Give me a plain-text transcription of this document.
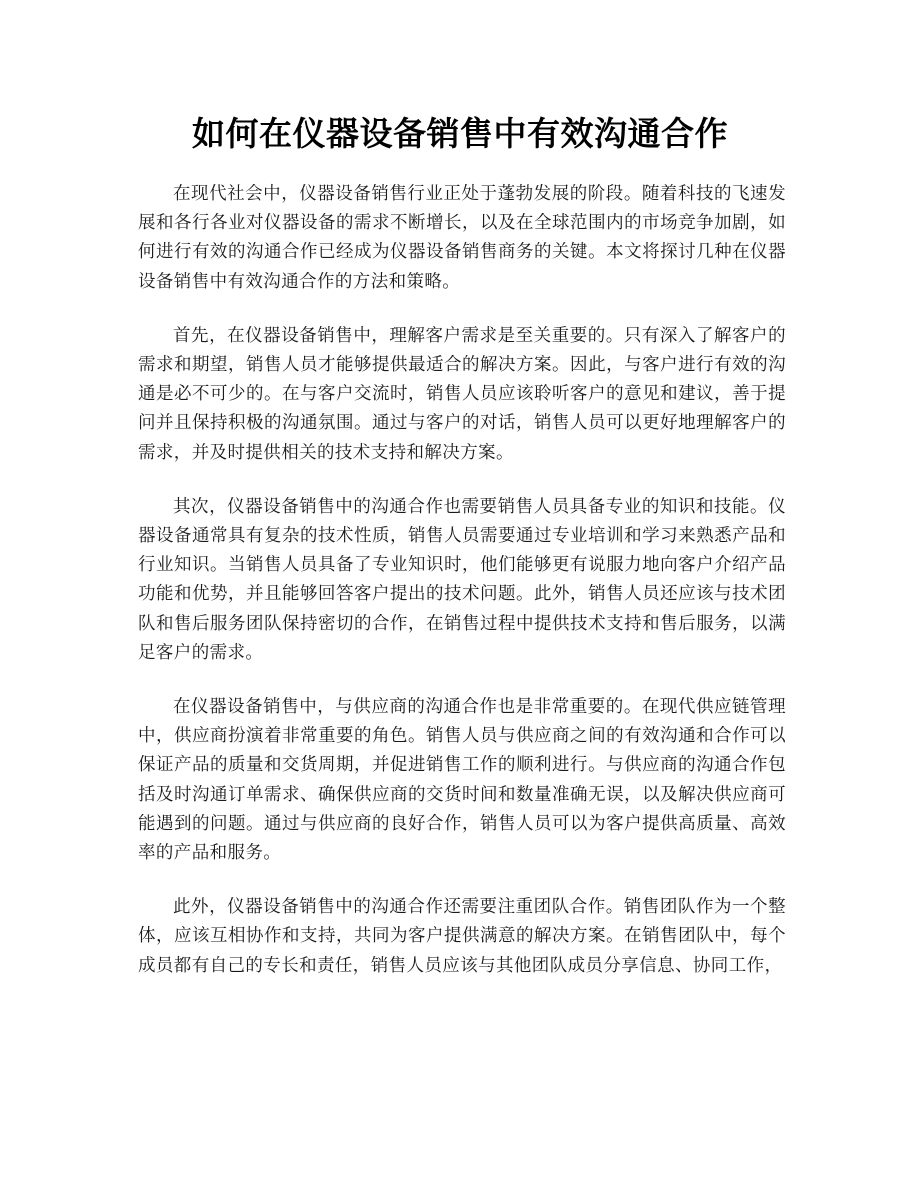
如何在仪器设备销售中有效沟通合作

在现代社会中，仪器设备销售行业正处于蓬勃发展的阶段。随着科技的飞速发展和各行各业对仪器设备的需求不断增长，以及在全球范围内的市场竞争加剧，如何进行有效的沟通合作已经成为仪器设备销售商务的关键。本文将探讨几种在仪器设备销售中有效沟通合作的方法和策略。

首先，在仪器设备销售中，理解客户需求是至关重要的。只有深入了解客户的需求和期望，销售人员才能够提供最适合的解决方案。因此，与客户进行有效的沟通是必不可少的。在与客户交流时，销售人员应该聆听客户的意见和建议，善于提问并且保持积极的沟通氛围。通过与客户的对话，销售人员可以更好地理解客户的需求，并及时提供相关的技术支持和解决方案。

其次，仪器设备销售中的沟通合作也需要销售人员具备专业的知识和技能。仪器设备通常具有复杂的技术性质，销售人员需要通过专业培训和学习来熟悉产品和行业知识。当销售人员具备了专业知识时，他们能够更有说服力地向客户介绍产品功能和优势，并且能够回答客户提出的技术问题。此外，销售人员还应该与技术团队和售后服务团队保持密切的合作，在销售过程中提供技术支持和售后服务，以满足客户的需求。

在仪器设备销售中，与供应商的沟通合作也是非常重要的。在现代供应链管理中，供应商扮演着非常重要的角色。销售人员与供应商之间的有效沟通和合作可以保证产品的质量和交货周期，并促进销售工作的顺利进行。与供应商的沟通合作包括及时沟通订单需求、确保供应商的交货时间和数量准确无误，以及解决供应商可能遇到的问题。通过与供应商的良好合作，销售人员可以为客户提供高质量、高效率的产品和服务。

此外，仪器设备销售中的沟通合作还需要注重团队合作。销售团队作为一个整体，应该互相协作和支持，共同为客户提供满意的解决方案。在销售团队中，每个成员都有自己的专长和责任，销售人员应该与其他团队成员分享信息、协同工作，
